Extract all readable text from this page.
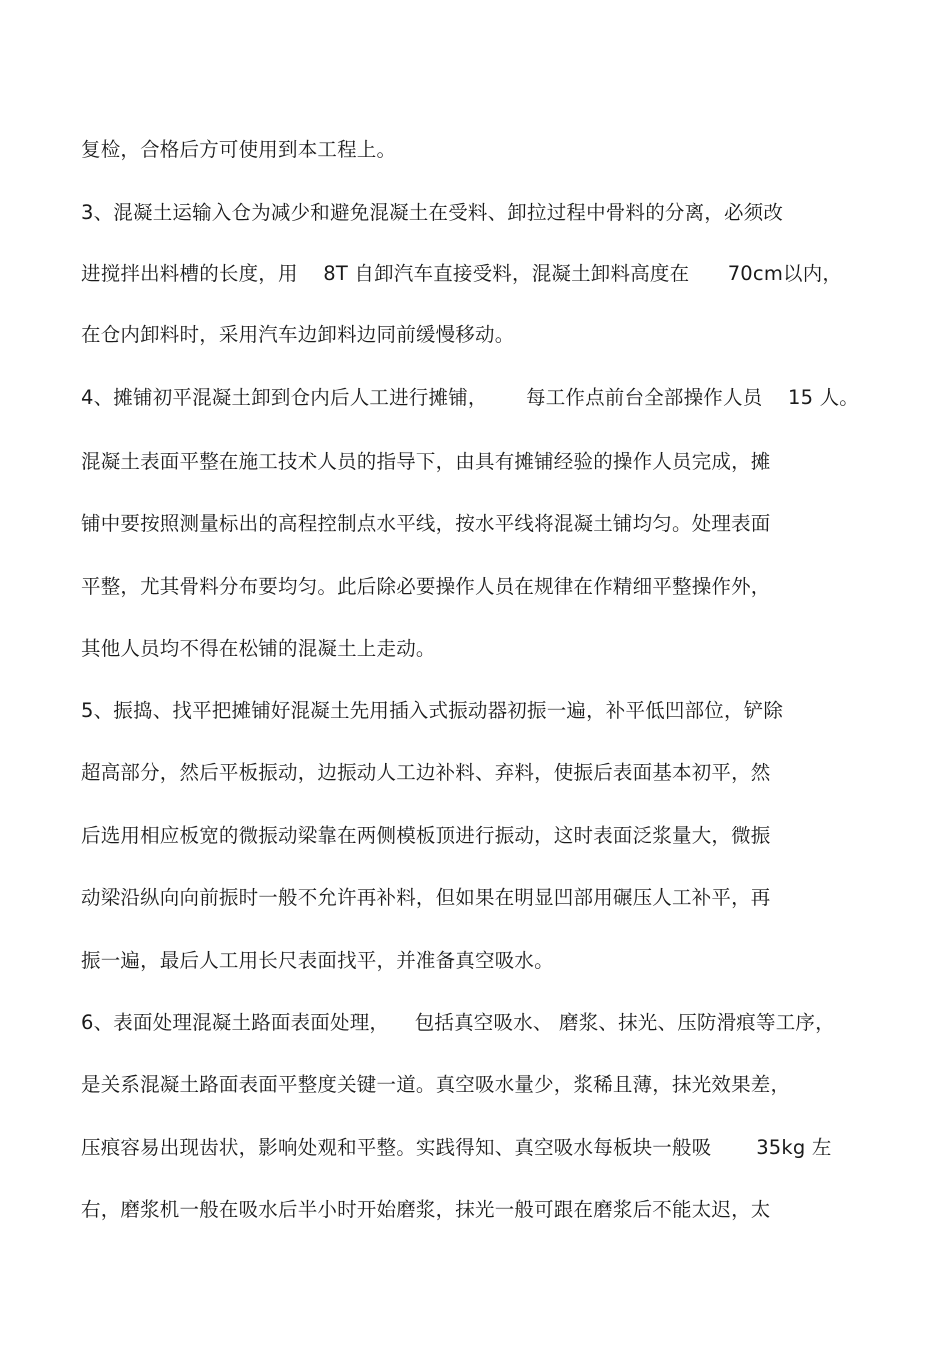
复检，合格后方可使用到本工程上。
3、混凝土运输入仓为减少和避免混凝土在受料、卸拉过程中骨料的分离，必须改
进搅拌出料槽的长度，用    8T 自卸汽车直接受料，混凝土卸料高度在      70cm以内，
在仓内卸料时，采用汽车边卸料边同前缓慢移动。
4、摊铺初平混凝土卸到仓内后人工进行摊铺，      每工作点前台全部操作人员    15 人。
混凝土表面平整在施工技术人员的指导下，由具有摊铺经验的操作人员完成，摊
铺中要按照测量标出的高程控制点水平线，按水平线将混凝土铺均匀。处理表面
平整，尤其骨料分布要均匀。此后除必要操作人员在规律在作精细平整操作外，
其他人员均不得在松铺的混凝土上走动。
5、振捣、找平把摊铺好混凝土先用插入式振动器初振一遍，补平低凹部位，铲除
超高部分，然后平板振动，边振动人工边补料、弃料，使振后表面基本初平，然
后选用相应板宽的微振动梁靠在两侧模板顶进行振动，这时表面泛浆量大，微振
动梁沿纵向向前振时一般不允许再补料，但如果在明显凹部用碾压人工补平，再
振一遍，最后人工用长尺表面找平，并准备真空吸水。
6、表面处理混凝土路面表面处理，    包括真空吸水、 磨浆、抹光、压防滑痕等工序，
是关系混凝土路面表面平整度关键一道。真空吸水量少，浆稀且薄，抹光效果差，
压痕容易出现齿状，影响处观和平整。实践得知、真空吸水每板块一般吸       35kg 左
右，磨浆机一般在吸水后半小时开始磨浆，抹光一般可跟在磨浆后不能太迟，太
